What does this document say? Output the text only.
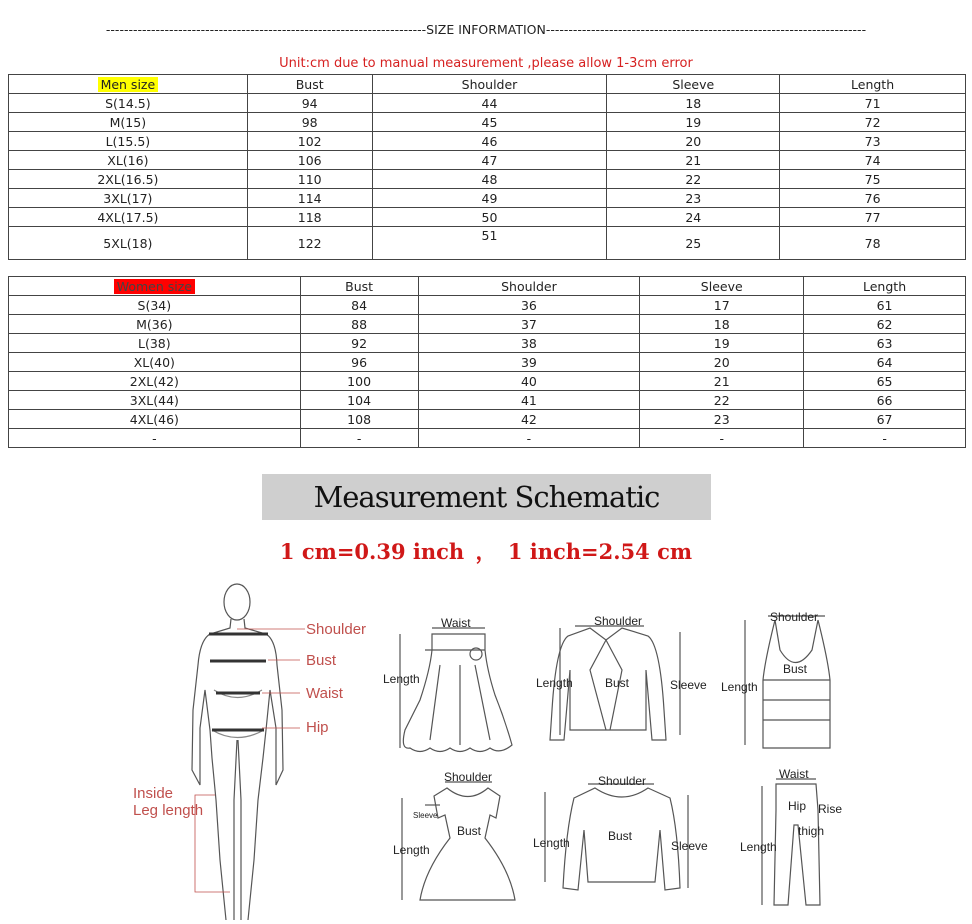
-----------------------------------------------------------------------SIZE INFORMATION-----------------------------------------------------------------------
Unit:cm due to manual measurement ,please allow 1-3cm error
Men size	Bust	Shoulder	Sleeve	Length
S(14.5)	94	44	18	71
M(15)	98	45	19	72
L(15.5)	102	46	20	73
XL(16)	106	47	21	74
2XL(16.5)	110	48	22	75
3XL(17)	114	49	23	76
4XL(17.5)	118	50	24	77
5XL(18)	122	51	25	78
Women size	Bust	Shoulder	Sleeve	Length
S(34)	84	36	17	61
M(36)	88	37	18	62
L(38)	92	38	19	63
XL(40)	96	39	20	64
2XL(42)	100	40	21	65
3XL(44)	104	41	22	66
4XL(46)	108	42	23	67
-	-	-	-	-
Measurement Schematic
1 cm=0.39 inch ， 1 inch=2.54 cm
Shoulder
Bust
Waist
Hip
Inside
Leg length
Waist
Length
Shoulder
Bust
Length	Sleeve
Shoulder
Bust
Length
Shoulder
Sleeve
Bust
Length
Shoulder
Bust
Length	Sleeve
Waist
Hip Rise
thigh
Length
